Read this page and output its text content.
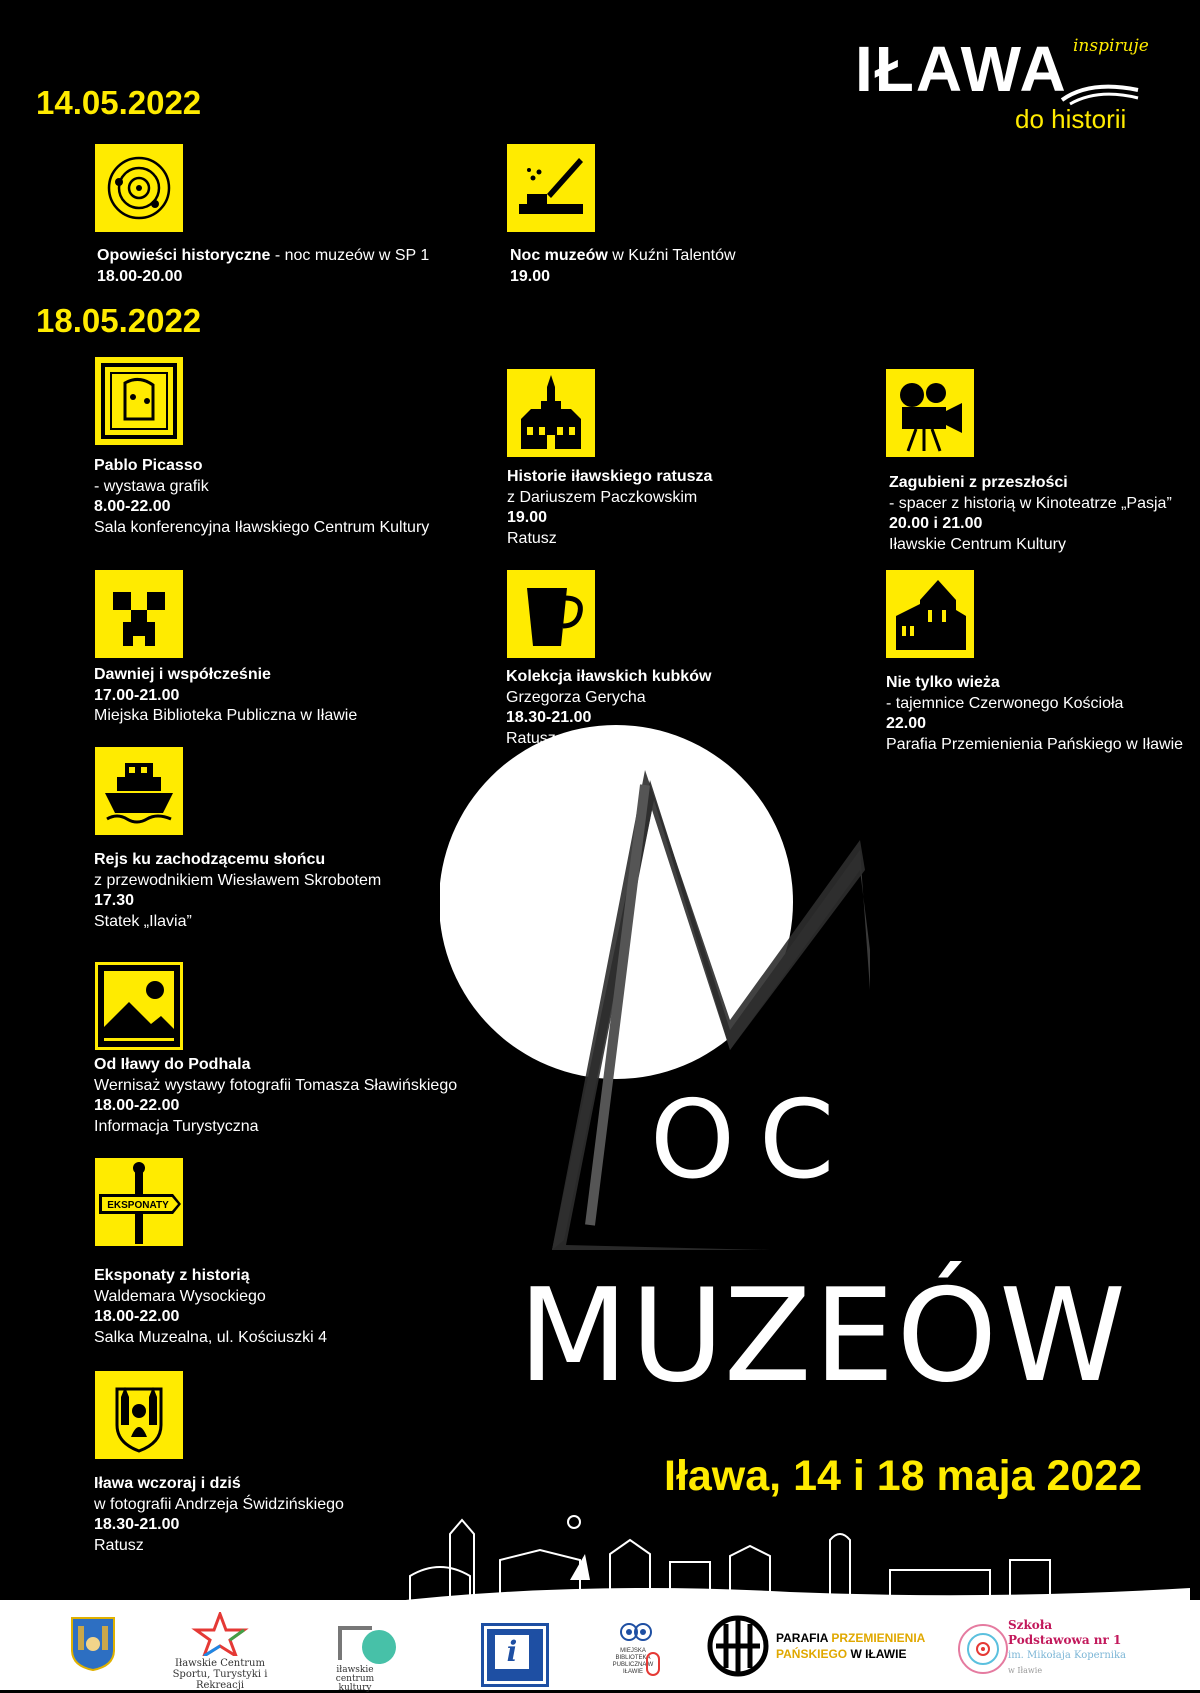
IŁAWA inspiruje
do historii
14.05.2022
18.05.2022
OC
MUZEÓW
Iława, 14 i 18 maja 2022
EKSPONATY
Opowieści historyczne - noc muzeów w SP 1
18.00-20.00
Noc muzeów w Kuźni Talentów
19.00
Pablo Picasso
- wystawa grafik
8.00-22.00
Sala konferencyjna Iławskiego Centrum Kultury
Historie iławskiego ratusza
z Dariuszem Paczkowskim
19.00
Ratusz
Zagubieni z przeszłości
- spacer z historią w Kinoteatrze „Pasja”
20.00 i 21.00
Iławskie Centrum Kultury
Dawniej i współcześnie
17.00-21.00
Miejska Biblioteka Publiczna w Iławie
Kolekcja iławskich kubków
Grzegorza Gerycha
18.30-21.00
Ratusz
Nie tylko wieża
- tajemnice Czerwonego Kościoła
22.00
Parafia Przemienienia Pańskiego w Iławie
Rejs ku zachodzącemu słońcu
z przewodnikiem Wiesławem Skrobotem
17.30
Statek „Ilavia”
Od Iławy do Podhala
Wernisaż wystawy fotografii Tomasza Sławińskiego
18.00-22.00
Informacja Turystyczna
Eksponaty z historią
Waldemara Wysockiego
18.00-22.00
Salka Muzealna, ul. Kościuszki 4
Iława wczoraj i dziś
w fotografii Andrzeja Świdzińskiego
18.30-21.00
Ratusz
Iławskie Centrum Sportu, Turystyki i Rekreacji
iławskie centrum kultury
i	MIEJSKA BIBLIOTEKA PUBLICZNA W IŁAWIE
PARAFIA PRZEMIENIENIA
PAŃSKIEGO W IŁAWIE
Szkoła
Podstawowa nr 1
im. Mikołaja Kopernika
w Iławie
